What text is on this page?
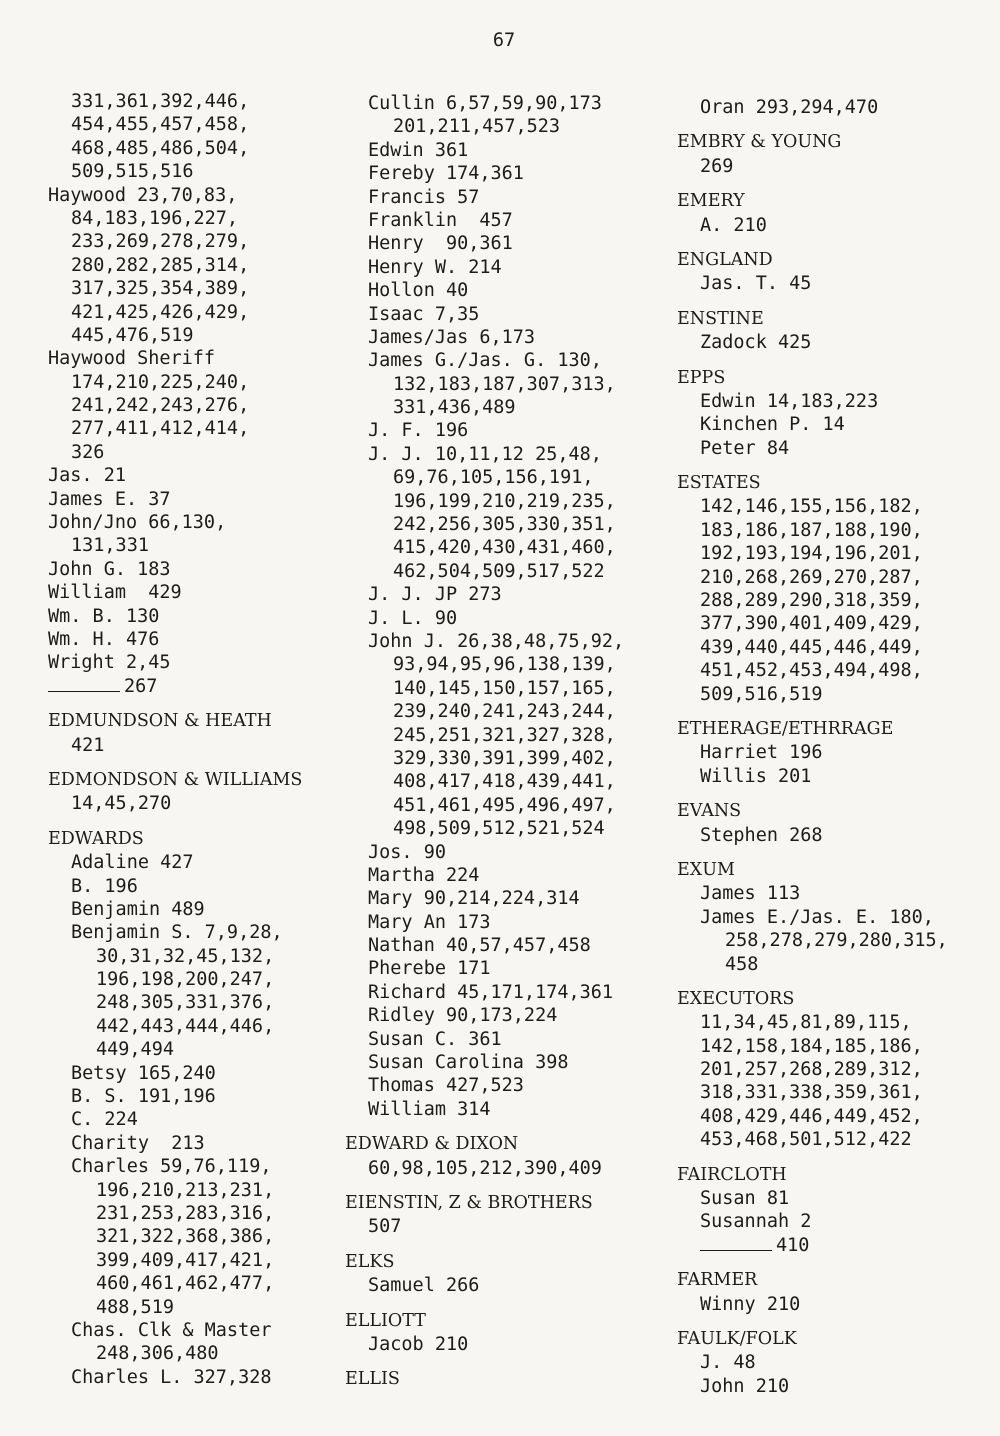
67
331,361,392,446,
454,455,457,458,
468,485,486,504,
509,515,516
Haywood 23,70,83,
84,183,196,227,
233,269,278,279,
280,282,285,314,
317,325,354,389,
421,425,426,429,
445,476,519
Haywood Sheriff
174,210,225,240,
241,242,243,276,
277,411,412,414,
326
Jas. 21
James E. 37
John/Jno 66,130,
131,331
John G. 183
William  429
Wm. B. 130
Wm. H. 476
Wright 2,45
267
EDMUNDSON & HEATH
421
EDMONDSON & WILLIAMS
14,45,270
EDWARDS
Adaline 427
B. 196
Benjamin 489
Benjamin S. 7,9,28,
30,31,32,45,132,
196,198,200,247,
248,305,331,376,
442,443,444,446,
449,494
Betsy 165,240
B. S. 191,196
C. 224
Charity  213
Charles 59,76,119,
196,210,213,231,
231,253,283,316,
321,322,368,386,
399,409,417,421,
460,461,462,477,
488,519
Chas. Clk & Master
248,306,480
Charles L. 327,328
Cullin 6,57,59,90,173
201,211,457,523
Edwin 361
Fereby 174,361
Francis 57
Franklin  457
Henry  90,361
Henry W. 214
Hollon 40
Isaac 7,35
James/Jas 6,173
James G./Jas. G. 130,
132,183,187,307,313,
331,436,489
J. F. 196
J. J. 10,11,12 25,48,
69,76,105,156,191,
196,199,210,219,235,
242,256,305,330,351,
415,420,430,431,460,
462,504,509,517,522
J. J. JP 273
J. L. 90
John J. 26,38,48,75,92,
93,94,95,96,138,139,
140,145,150,157,165,
239,240,241,243,244,
245,251,321,327,328,
329,330,391,399,402,
408,417,418,439,441,
451,461,495,496,497,
498,509,512,521,524
Jos. 90
Martha 224
Mary 90,214,224,314
Mary An 173
Nathan 40,57,457,458
Pherebe 171
Richard 45,171,174,361
Ridley 90,173,224
Susan C. 361
Susan Carolina 398
Thomas 427,523
William 314
EDWARD & DIXON
60,98,105,212,390,409
EIENSTIN, Z & BROTHERS
507
ELKS
Samuel 266
ELLIOTT
Jacob 210
ELLIS
Oran 293,294,470
EMBRY & YOUNG
269
EMERY
A. 210
ENGLAND
Jas. T. 45
ENSTINE
Zadock 425
EPPS
Edwin 14,183,223
Kinchen P. 14
Peter 84
ESTATES
142,146,155,156,182,
183,186,187,188,190,
192,193,194,196,201,
210,268,269,270,287,
288,289,290,318,359,
377,390,401,409,429,
439,440,445,446,449,
451,452,453,494,498,
509,516,519
ETHERAGE/ETHRRAGE
Harriet 196
Willis 201
EVANS
Stephen 268
EXUM
James 113
James E./Jas. E. 180,
258,278,279,280,315,
458
EXECUTORS
11,34,45,81,89,115,
142,158,184,185,186,
201,257,268,289,312,
318,331,338,359,361,
408,429,446,449,452,
453,468,501,512,422
FAIRCLOTH
Susan 81
Susannah 2
410
FARMER
Winny 210
FAULK/FOLK
J. 48
John 210
